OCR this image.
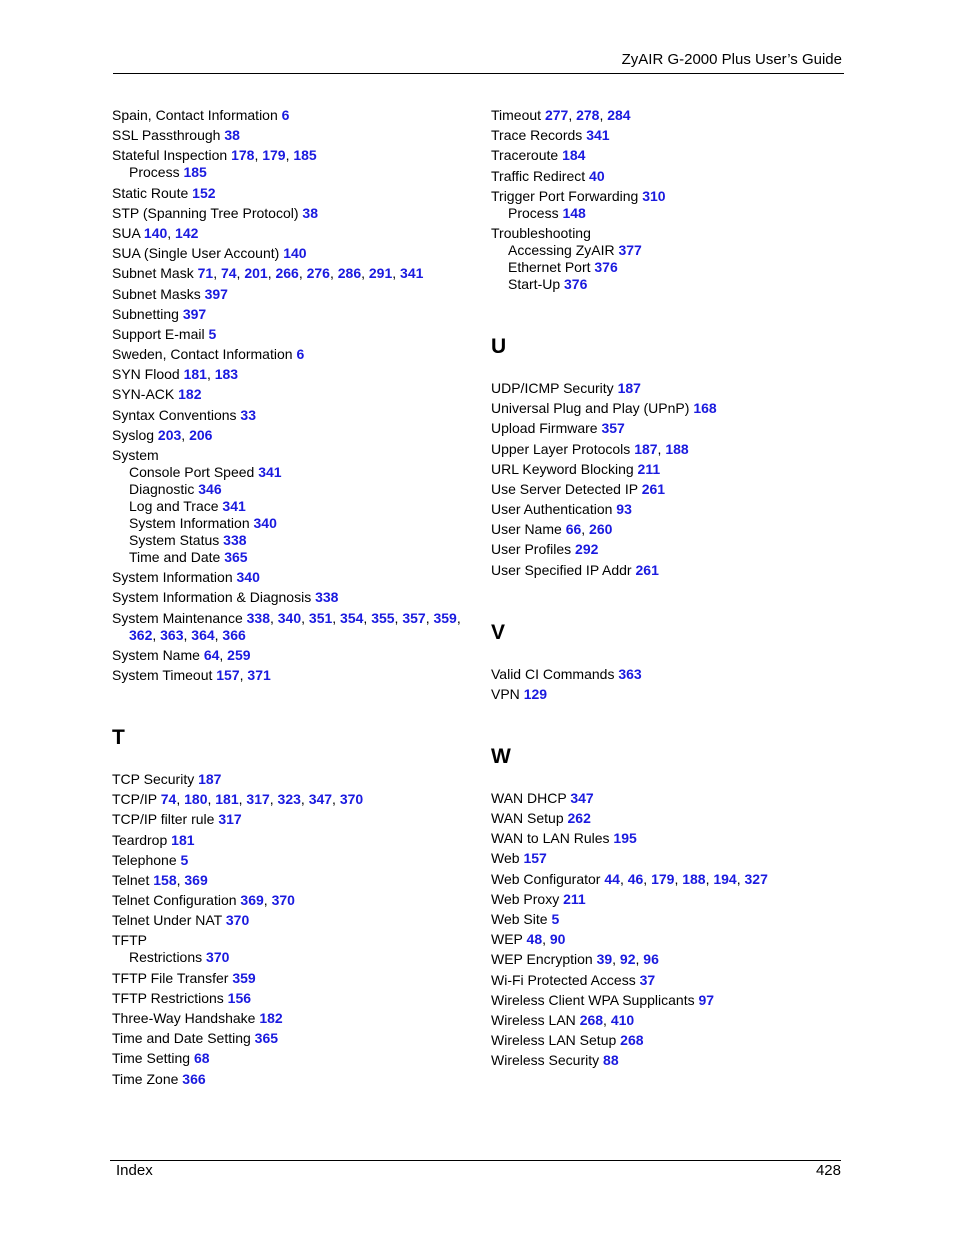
ZyAIR G-2000 Plus User’s Guide
Spain, Contact Information 6
SSL Passthrough 38
Stateful Inspection 178, 179, 185
Process 185
Static Route 152
STP (Spanning Tree Protocol) 38
SUA 140, 142
SUA (Single User Account) 140
Subnet Mask 71, 74, 201, 266, 276, 286, 291, 341
Subnet Masks 397
Subnetting 397
Support E-mail 5
Sweden, Contact Information 6
SYN Flood 181, 183
SYN-ACK 182
Syntax Conventions 33
Syslog 203, 206
System
Console Port Speed 341
Diagnostic 346
Log and Trace 341
System Information 340
System Status 338
Time and Date 365
System Information 340
System Information & Diagnosis 338
System Maintenance 338, 340, 351, 354, 355, 357, 359,
362, 363, 364, 366
System Name 64, 259
System Timeout 157, 371
T
TCP Security 187
TCP/IP 74, 180, 181, 317, 323, 347, 370
TCP/IP filter rule 317
Teardrop 181
Telephone 5
Telnet 158, 369
Telnet Configuration 369, 370
Telnet Under NAT 370
TFTP
Restrictions 370
TFTP File Transfer 359
TFTP Restrictions 156
Three-Way Handshake 182
Time and Date Setting 365
Time Setting 68
Time Zone 366
Timeout 277, 278, 284
Trace Records 341
Traceroute 184
Traffic Redirect 40
Trigger Port Forwarding 310
Process 148
Troubleshooting
Accessing ZyAIR 377
Ethernet Port 376
Start-Up 376
U
UDP/ICMP Security 187
Universal Plug and Play (UPnP) 168
Upload Firmware 357
Upper Layer Protocols 187, 188
URL Keyword Blocking 211
Use Server Detected IP 261
User Authentication 93
User Name 66, 260
User Profiles 292
User Specified IP Addr 261
V
Valid CI Commands 363
VPN 129
W
WAN DHCP 347
WAN Setup 262
WAN to LAN Rules 195
Web 157
Web Configurator 44, 46, 179, 188, 194, 327
Web Proxy 211
Web Site 5
WEP 48, 90
WEP Encryption 39, 92, 96
Wi-Fi Protected Access 37
Wireless Client WPA Supplicants 97
Wireless LAN 268, 410
Wireless LAN Setup 268
Wireless Security 88
Index	428
